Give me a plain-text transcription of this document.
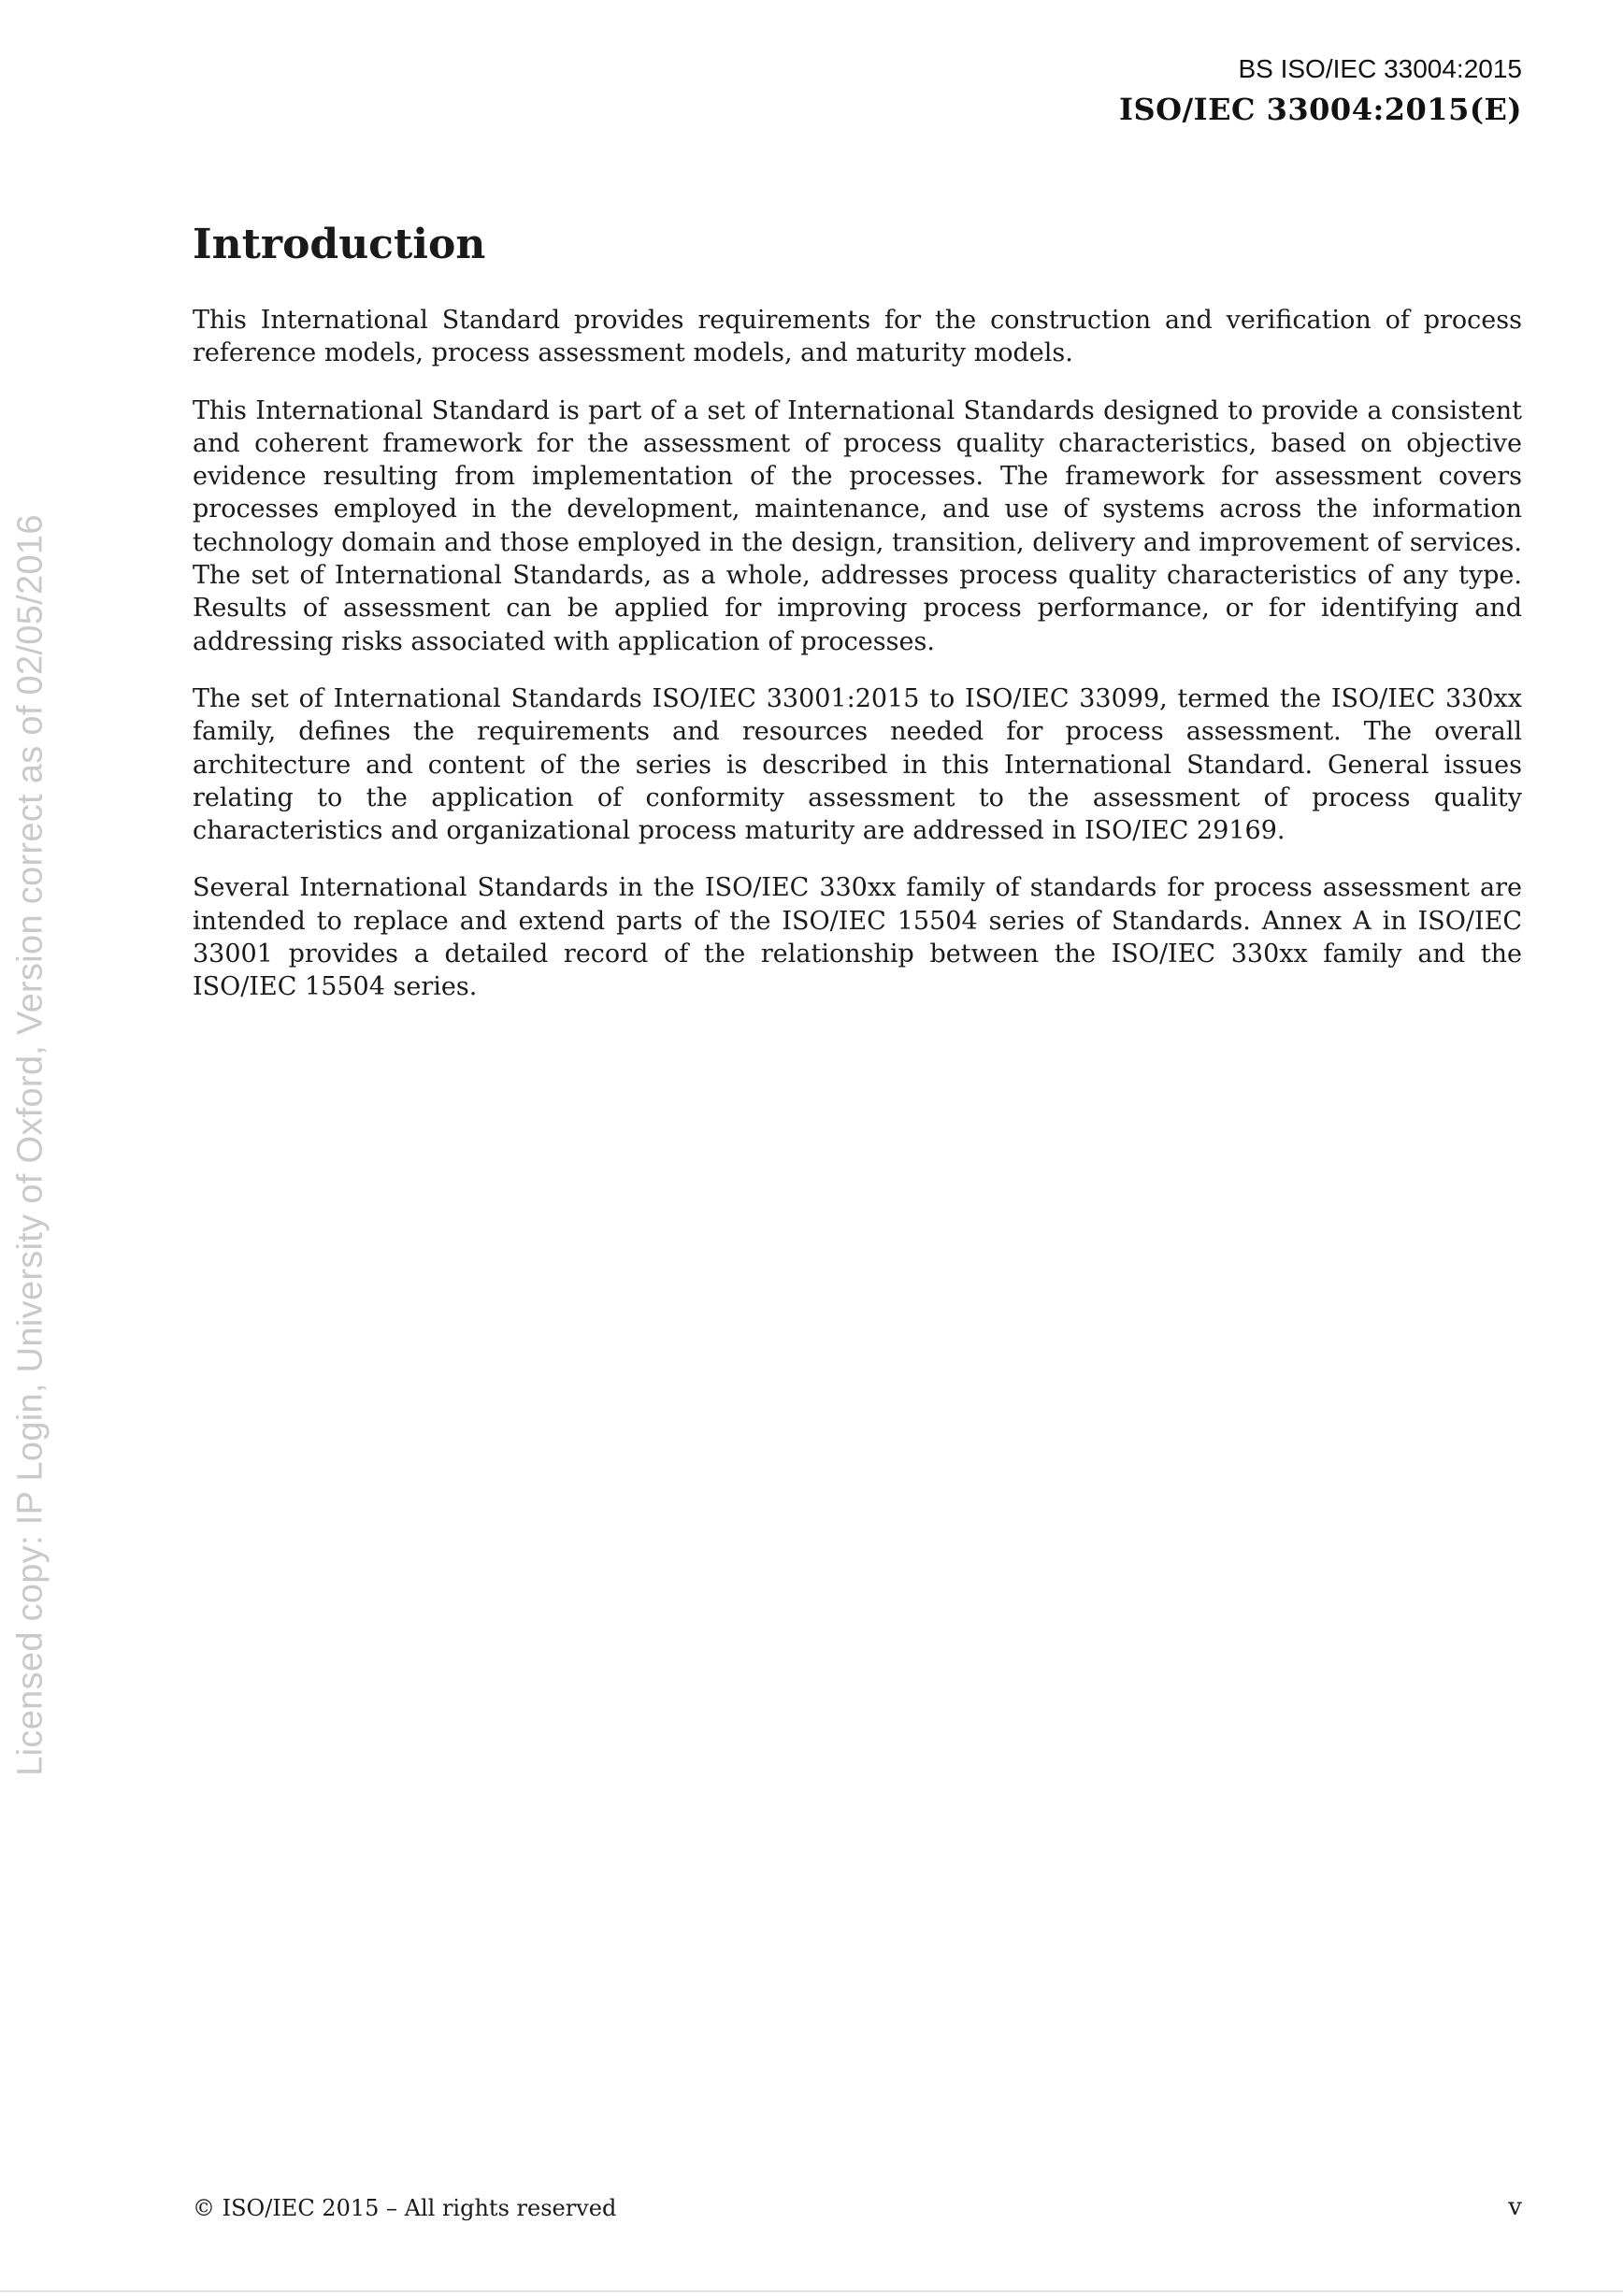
BS ISO/IEC 33004:2015
ISO/IEC 33004:2015(E)
Licensed copy: IP Login, University of Oxford, Version correct as of 02/05/2016
Introduction

This International Standard provides requirements for the construction and verification of process reference models, process assessment models, and maturity models.

This International Standard is part of a set of International Standards designed to provide a consistent and coherent framework for the assessment of process quality characteristics, based on objective evidence resulting from implementation of the processes. The framework for assessment covers processes employed in the development, maintenance, and use of systems across the information technology domain and those employed in the design, transition, delivery and improvement of services. The set of International Standards, as a whole, addresses process quality characteristics of any type. Results of assessment can be applied for improving process performance, or for identifying and addressing risks associated with application of processes.

The set of International Standards ISO/IEC 33001:2015 to ISO/IEC 33099, termed the ISO/IEC 330xx family, defines the requirements and resources needed for process assessment. The overall architecture and content of the series is described in this International Standard. General issues relating to the application of conformity assessment to the assessment of process quality characteristics and organizational process maturity are addressed in ISO/IEC 29169.

Several International Standards in the ISO/IEC 330xx family of standards for process assessment are intended to replace and extend parts of the ISO/IEC 15504 series of Standards. Annex A in ISO/IEC 33001 provides a detailed record of the relationship between the ISO/IEC 330xx family and the ISO/IEC 15504 series.

© ISO/IEC 2015 – All rights reserved	v
